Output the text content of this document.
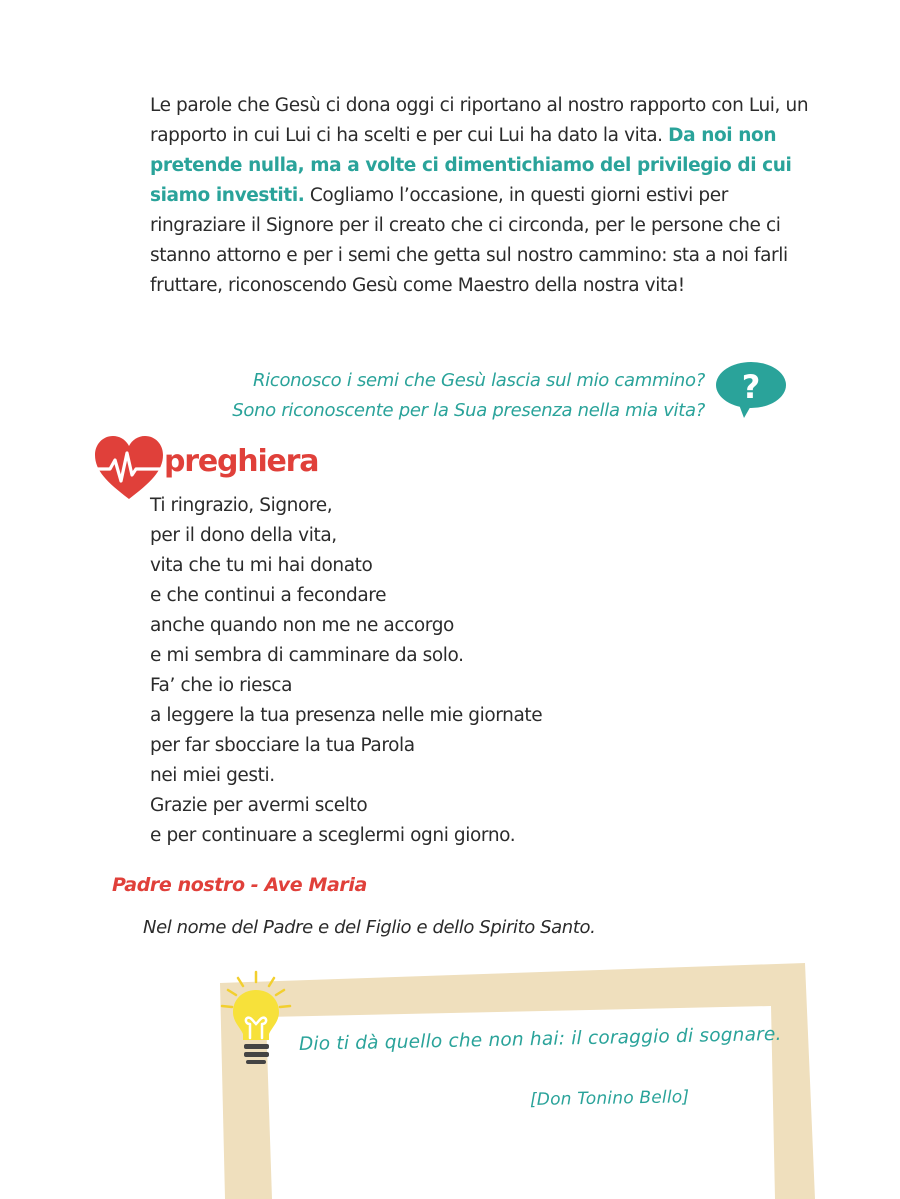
Le parole che Gesù ci dona oggi ci riportano al nostro rapporto con Lui, un rapporto in cui Lui ci ha scelti e per cui Lui ha dato la vita. Da noi non pretende nulla, ma a volte ci dimentichiamo del privilegio di cui siamo investiti. Cogliamo l’occasione, in questi giorni estivi per ringraziare il Signore per il creato che ci circonda, per le persone che ci stanno attorno e per i semi che getta sul nostro cammino: sta a noi farli fruttare, riconoscendo Gesù come Maestro della nostra vita!

Riconosco i semi che Gesù lascia sul mio cammino?
Sono riconoscente per la Sua presenza nella mia vita?
?
preghiera
Ti ringrazio, Signore,
per il dono della vita,
vita che tu mi hai donato
e che continui a fecondare
anche quando non me ne accorgo
e mi sembra di camminare da solo.
Fa’ che io riesca
a leggere la tua presenza nelle mie giornate
per far sbocciare la tua Parola
nei miei gesti.
Grazie per avermi scelto
e per continuare a sceglermi ogni giorno.

Padre nostro - Ave Maria

Nel nome del Padre e del Figlio e dello Spirito Santo.

Dio ti dà quello che non hai: il coraggio di sognare.

[Don Tonino Bello]
